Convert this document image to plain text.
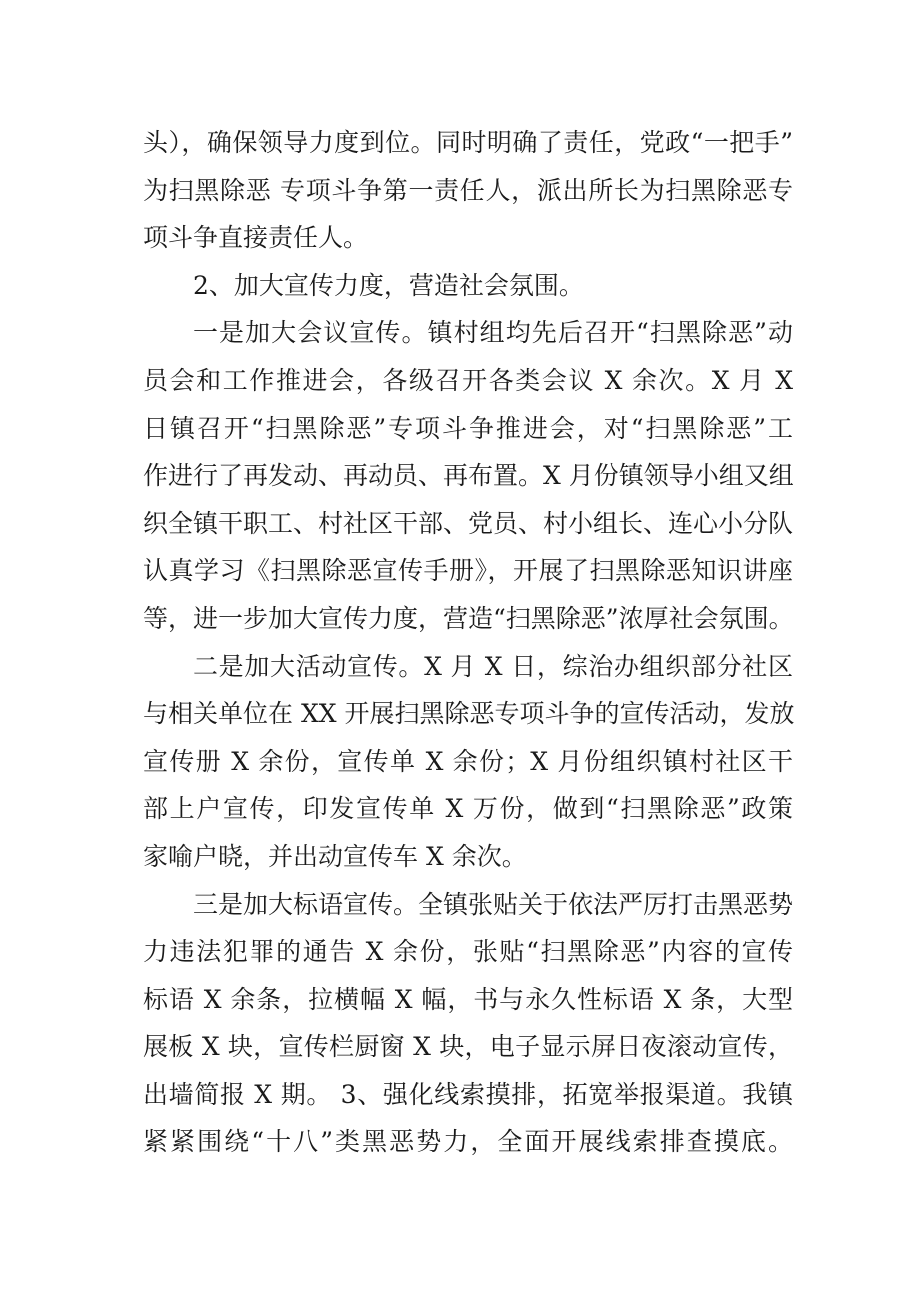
头），确保领导力度到位。同时明确了责任，党政“一把手”
为扫黑除恶 专项斗争第一责任人，派出所长为扫黑除恶专
项斗争直接责任人。
2、加大宣传力度，营造社会氛围。
一是加大会议宣传。镇村组均先后召开“扫黑除恶”动
员会和工作推进会，各级召开各类会议 X 余次。X 月 X
日镇召开“扫黑除恶”专项斗争推进会，对“扫黑除恶”工
作进行了再发动、再动员、再布置。X 月份镇领导小组又组
织全镇干职工、村社区干部、党员、村小组长、连心小分队
认真学习《扫黑除恶宣传手册》，开展了扫黑除恶知识讲座
等，进一步加大宣传力度，营造“扫黑除恶”浓厚社会氛围。
二是加大活动宣传。X 月 X 日，综治办组织部分社区
与相关单位在 XX 开展扫黑除恶专项斗争的宣传活动，发放
宣传册 X 余份，宣传单 X 余份；X 月份组织镇村社区干
部上户宣传，印发宣传单 X 万份，做到“扫黑除恶”政策
家喻户晓，并出动宣传车 X 余次。
三是加大标语宣传。全镇张贴关于依法严厉打击黑恶势
力违法犯罪的通告 X 余份，张贴“扫黑除恶”内容的宣传
标语 X 余条，拉横幅 X 幅，书与永久性标语 X 条，大型
展板 X 块，宣传栏厨窗 X 块，电子显示屏日夜滚动宣传，
出墙简报 X 期。 3、强化线索摸排，拓宽举报渠道。我镇
紧紧围绕“十八”类黑恶势力，全面开展线索排查摸底。
